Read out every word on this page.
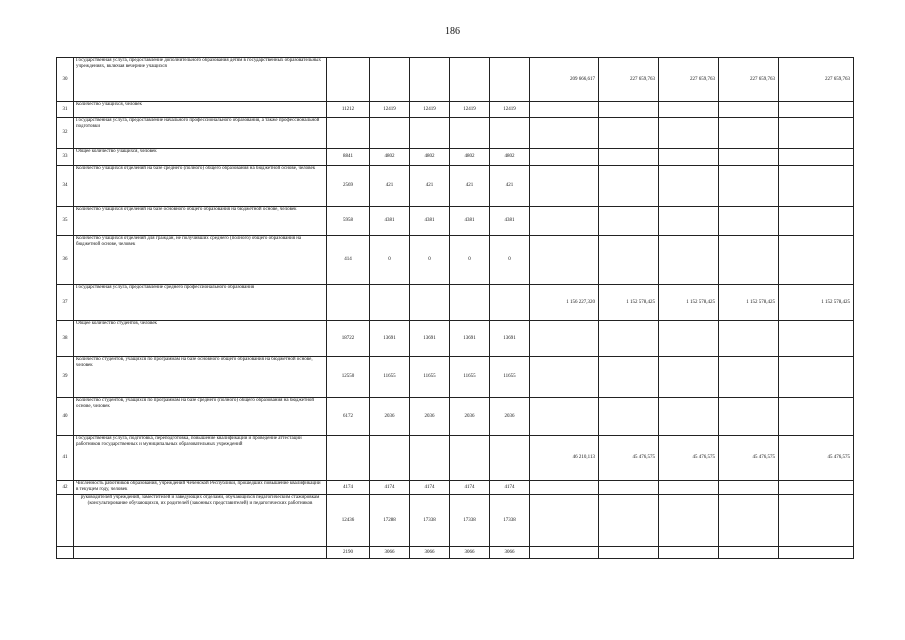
186
30	Государственная услуга, предоставление дополнительного образования детям в государственных образовательных учреждениях, включая вечерние учащихся						209 666,617	227 659,763	227 659,763	227 659,763	227 659,763
31	Количество учащихся, человек	11212	12419	12419	12419	12419					
32	Государственная услуга, предоставление начального профессионального образования, а также профессиональной подготовки										
33	Общее количество учащихся, человек	8841	4802	4802	4802	4802					
34	Количество учащихся отделений на базе среднего (полного) общего образования на бюджетной основе, человек	2569	421	421	421	421					
35	Количество учащихся отделений на базе основного общего образования на бюджетной основе, человек	5958	4381	4381	4381	4381					
36	Количество учащихся отделений для граждан, не получивших среднего (полного) общего образования на бюджетной основе, человек	414	0	0	0	0					
37	Государственная услуга, предоставление среднего профессионального образования						1 156 227,320	1 152 578,425	1 152 578,425	1 152 578,425	1 152 578,425
38	Общее количество студентов, человек	18722	13691	13691	13691	13691					
39	Количество студентов, учащихся по программам на базе основного общего образования на бюджетной основе, человек	12550	11655	11655	11655	11655					
40	Количество студентов, учащихся по программам на базе среднего (полного) общего образования на бюджетной основе, человек	6172	2036	2036	2036	2036					
41	Государственная услуга, подготовка, переподготовка, повышение квалификации и проведение аттестации работников государственных и муниципальных образовательных учреждений						46 210,113	45 476,575	45 476,575	45 476,575	45 476,575
42	Численность работников образования, учреждений Чеченской Республики, прошедших повышение квалификации в текущем году, человек	4174	4174	4174	4174	4174					
	руководителей учреждений, заместителей и заведующих отделами, обучающихся педагогическим стажировкам (консультирование обучающихся, их родителей (законных представителей) и педагогических работников	12436	17288	17338	17338	17338					
		2190	3066	3066	3066	3066					
